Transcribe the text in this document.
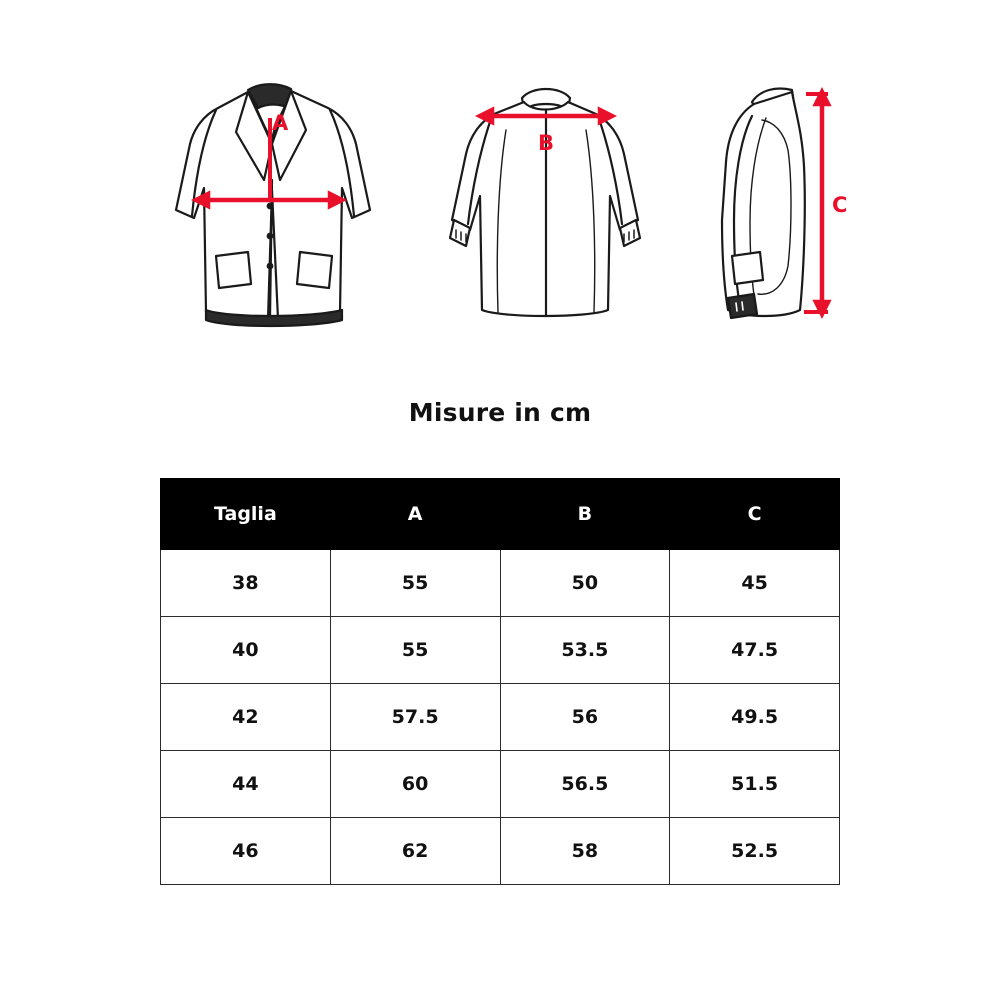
A
B
C
Misure in cm
Taglia	A	B	C
38	55	50	45
40	55	53.5	47.5
42	57.5	56	49.5
44	60	56.5	51.5
46	62	58	52.5
